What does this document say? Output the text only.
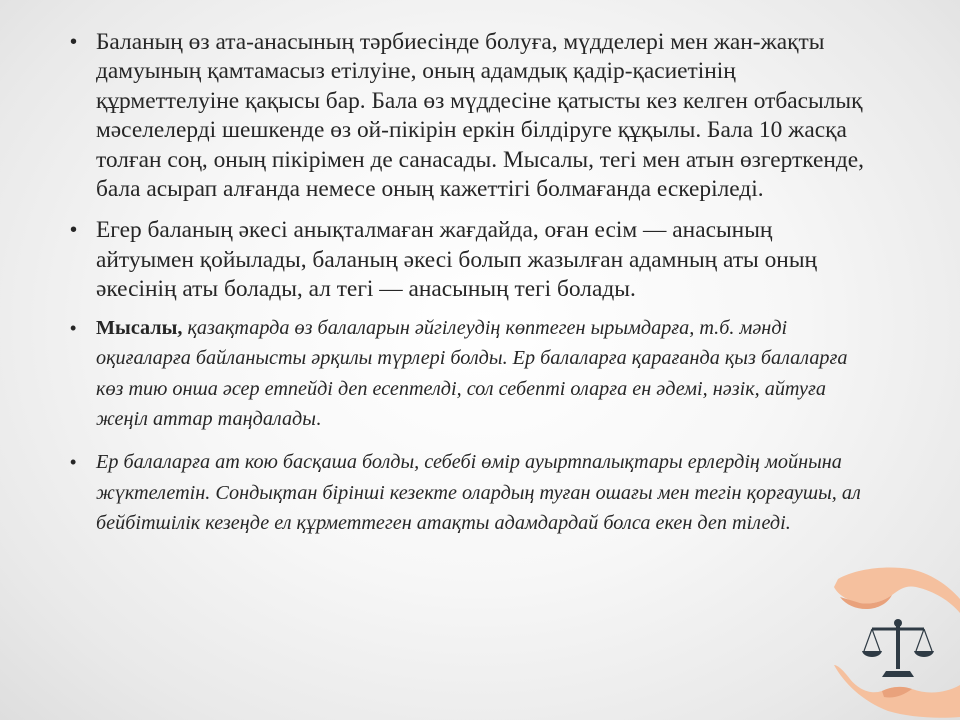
• Баланың өз ата-анасының тәрбиесінде болуға, мүдделері мен жан-жақты дамуының қамтамасыз етілуіне, оның адамдық қадір-қасиетінің құрметтелуіне қақысы бар. Бала өз мүддесіне қатысты кез келген отбасылық мәселелерді шешкенде өз ой-пікірін еркін білдіруге құқылы. Бала 10 жасқа толған соң, оның пікірімен де санасады. Мысалы, тегі мен атын өзгерткенде, бала асырап алғанда немесе оның кажеттігі болмағанда ескеріледі.
• Егер баланың әкесі анықталмаған жағдайда, оған есім — анасының айтуымен қойылады, баланың әкесі болып жазылған адамның аты оның әкесінің аты болады, ал тегі — анасының тегі болады.
• Мысалы, қазақтарда өз балаларын әйгілеудің көптеген ырымдарға, т.б. мәнді оқиғаларға байланысты әрқилы түрлері болды. Ер балаларға қарағанда қыз балаларға көз тию онша әсер етпейді деп есептелді, сол себепті оларға ен әдемі, нәзік, айтуға жеңіл аттар таңдалады.
• Ер балаларға ат кою басқаша болды, себебі өмір ауыртпалықтары ерлердің мойнына жүктелетін. Сондықтан бірінші кезекте олардың туған ошағы мен тегін қорғаушы, ал бейбітшілік кезеңде ел құрметтеген атақты адамдардай болса екен деп тіледі.
